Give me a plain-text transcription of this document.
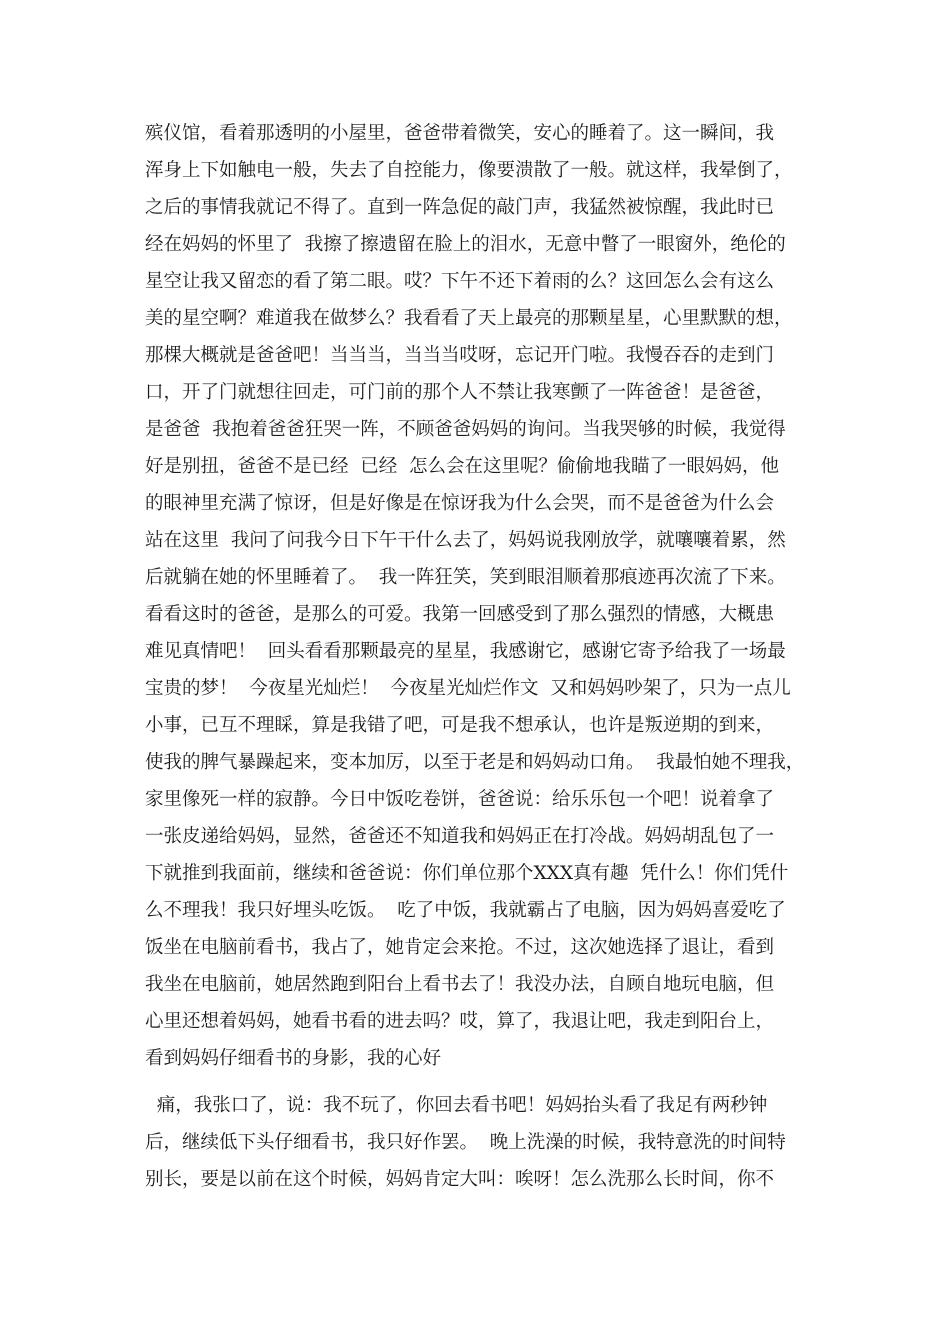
殡仪馆，看着那透明的小屋里，爸爸带着微笑，安心的睡着了。这一瞬间，我
浑身上下如触电一般，失去了自控能力，像要溃散了一般。就这样，我晕倒了，
之后的事情我就记不得了。直到一阵急促的敲门声，我猛然被惊醒，我此时已
经在妈妈的怀里了  我擦了擦遗留在脸上的泪水，无意中瞥了一眼窗外，绝伦的
星空让我又留恋的看了第二眼。哎？下午不还下着雨的么？这回怎么会有这么
美的星空啊？难道我在做梦么？我看看了天上最亮的那颗星星，心里默默的想，
那棵大概就是爸爸吧！当当当，当当当哎呀，忘记开门啦。我慢吞吞的走到门
口，开了门就想往回走，可门前的那个人不禁让我寒颤了一阵爸爸！是爸爸，
是爸爸  我抱着爸爸狂哭一阵，不顾爸爸妈妈的询问。当我哭够的时候，我觉得
好是别扭，爸爸不是已经  已经  怎么会在这里呢？偷偷地我瞄了一眼妈妈，他
的眼神里充满了惊讶，但是好像是在惊讶我为什么会哭，而不是爸爸为什么会
站在这里  我问了问我今日下午干什么去了，妈妈说我刚放学，就嚷嚷着累，然
后就躺在她的怀里睡着了。  我一阵狂笑，笑到眼泪顺着那痕迹再次流了下来。
看看这时的爸爸，是那么的可爱。我第一回感受到了那么强烈的情感，大概患
难见真情吧！  回头看看那颗最亮的星星，我感谢它，感谢它寄予给我了一场最
宝贵的梦！  今夜星光灿烂！  今夜星光灿烂作文  又和妈妈吵架了，只为一点儿
小事，已互不理睬，算是我错了吧，可是我不想承认，也许是叛逆期的到来，
使我的脾气暴躁起来，变本加厉，以至于老是和妈妈动口角。  我最怕她不理我，
家里像死一样的寂静。今日中饭吃卷饼，爸爸说：给乐乐包一个吧！说着拿了
一张皮递给妈妈，显然，爸爸还不知道我和妈妈正在打冷战。妈妈胡乱包了一
下就推到我面前，继续和爸爸说：你们单位那个XXX真有趣  凭什么！你们凭什
么不理我！我只好埋头吃饭。  吃了中饭，我就霸占了电脑，因为妈妈喜爱吃了
饭坐在电脑前看书，我占了，她肯定会来抢。不过，这次她选择了退让，看到
我坐在电脑前，她居然跑到阳台上看书去了！我没办法，自顾自地玩电脑，但
心里还想着妈妈，她看书看的进去吗？哎，算了，我退让吧，我走到阳台上，
看到妈妈仔细看书的身影，我的心好
痛，我张口了，说：我不玩了，你回去看书吧！妈妈抬头看了我足有两秒钟
后，继续低下头仔细看书，我只好作罢。  晚上洗澡的时候，我特意洗的时间特
别长，要是以前在这个时候，妈妈肯定大叫：唉呀！怎么洗那么长时间，你不
